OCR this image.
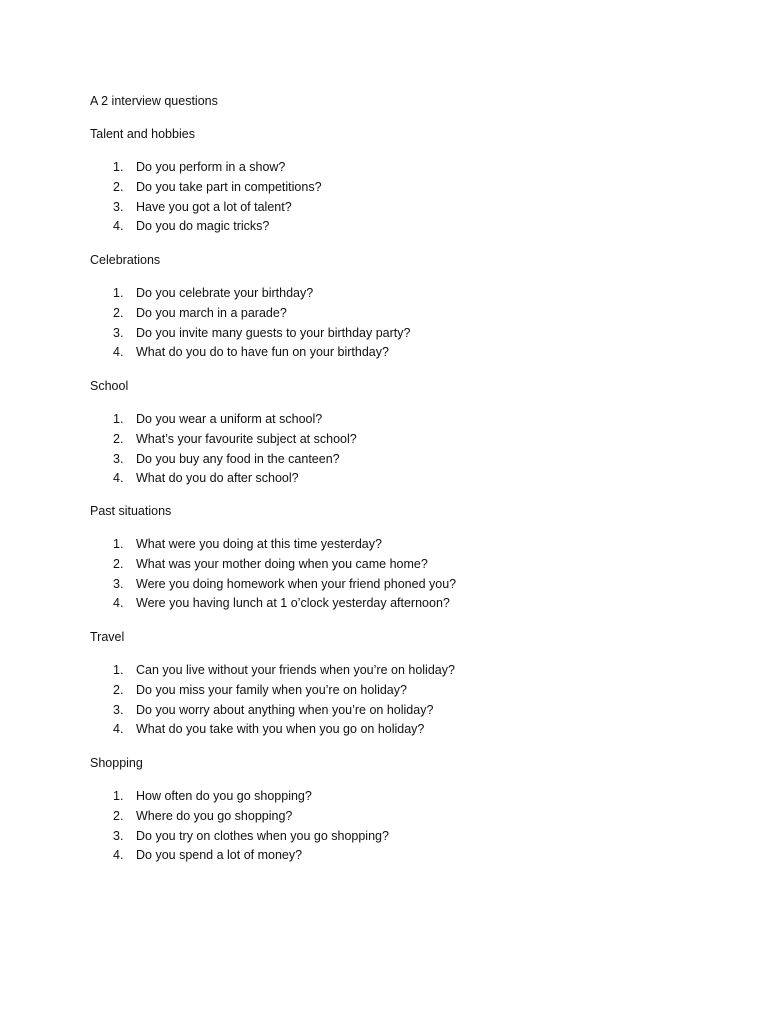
A 2 interview questions
Talent and hobbies
1.	Do you perform in a show?
2.	Do you take part in competitions?
3.	Have you got a lot of talent?
4.	Do you do magic tricks?
Celebrations
1.	Do you celebrate your birthday?
2.	Do you march in a parade?
3.	Do you invite many guests to your birthday party?
4.	What do you do to have fun on your birthday?
School
1.	Do you wear a uniform at school?
2.	What’s your favourite subject at school?
3.	Do you buy any food in the canteen?
4.	What do you do after school?
Past situations
1.	What were you doing at this time yesterday?
2.	What was your mother doing when you came home?
3.	Were you doing homework when your friend phoned you?
4.	Were you having lunch at 1 o’clock yesterday afternoon?
Travel
1.	Can you live without your friends when you’re on holiday?
2.	Do you miss your family when you’re on holiday?
3.	Do you worry about anything when you’re on holiday?
4.	What do you take with you when you go on holiday?
Shopping
1.	How often do you go shopping?
2.	Where do you go shopping?
3.	Do you try on clothes when you go shopping?
4.	Do you spend a lot of money?
